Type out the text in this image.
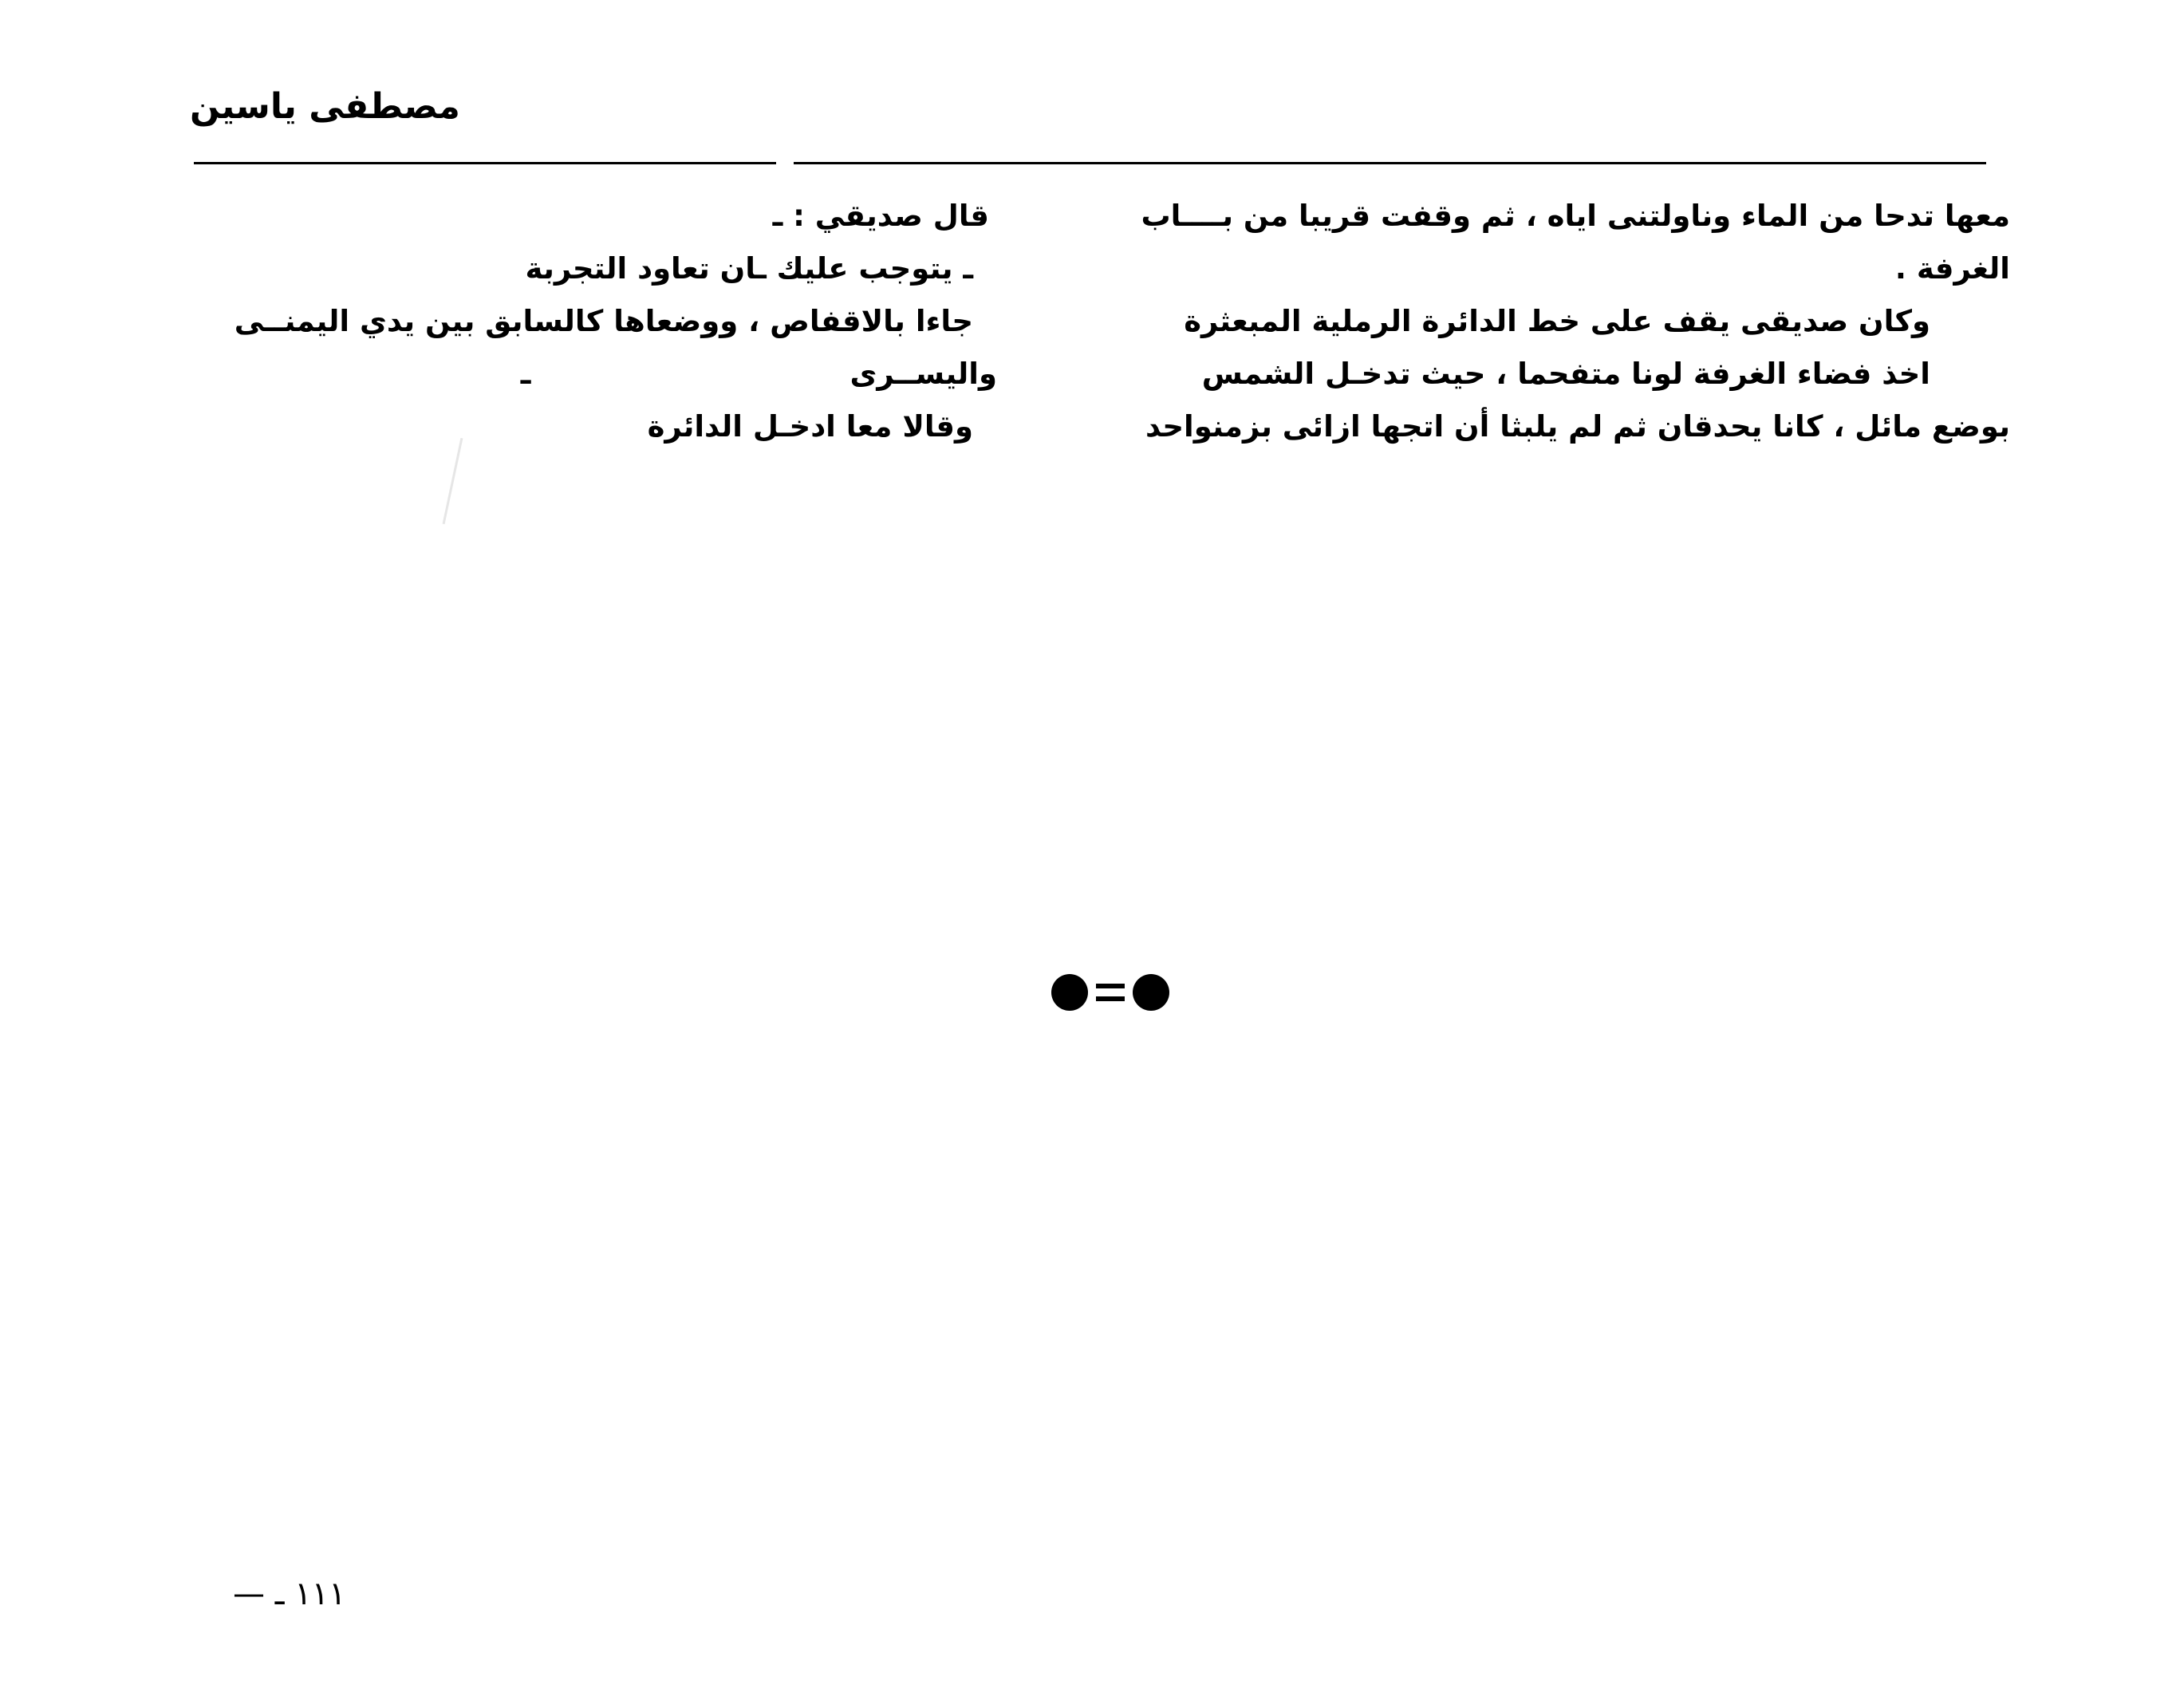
مصطفى ياسين
معها تدحا من الماء وناولتنى اياه ، ثم وقفت قريبا من بــــاب
الغرفة .
وكان صديقى يقف على خط الدائرة الرملية المبعثرة
اخذ فضاء الغرفة لونا متفحما ، حيث تدخـل الشمس
بوضع مائل ، كانا يحدقان ثم لم يلبثا أن اتجها ازائى بزمنواحد
قال صديقي : ـ
ـ يتوجب عليك ـان تعاود التجربة
جاءا بالاقفاص ، ووضعاها كالسابق بين يدي اليمنــى
واليســرىـ
وقالا معا ادخـل الدائرة
— ١١١ ـ
